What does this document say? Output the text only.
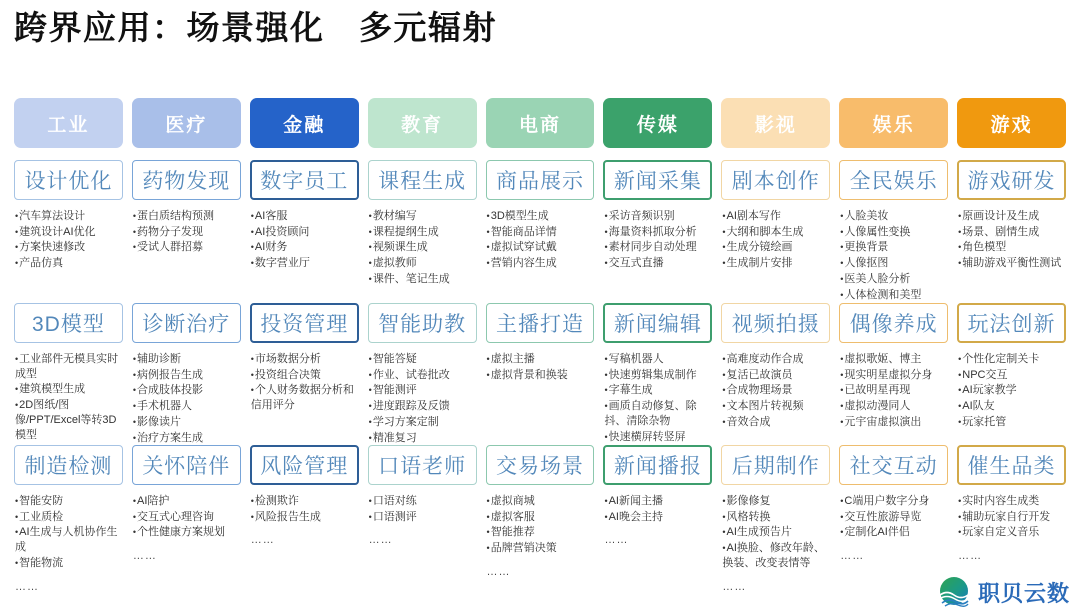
跨界应用：场景强化　多元辐射
工业	医疗	金融	教育	电商	传媒	影视	娱乐	游戏
设计优化
• 汽车算法设计
• 建筑设计AI优化
• 方案快速修改
• 产品仿真
药物发现
• 蛋白质结构预测
• 药物分子发现
• 受试人群招募
数字员工
• AI客服
• AI投资顾问
• AI财务
• 数字营业厅
课程生成
• 教材编写
• 课程提纲生成
• 视频课生成
• 虚拟教师
• 课件、笔记生成
商品展示
• 3D模型生成
• 智能商品详情
• 虚拟试穿试戴
• 营销内容生成
新闻采集
• 采访音频识别
• 海量资料抓取分析
• 素材同步自动处理
• 交互式直播
剧本创作
• AI剧本写作
• 大纲和脚本生成
• 生成分镜绘画
• 生成制片安排
全民娱乐
• 人脸美妆
• 人像属性变换
• 更换背景
• 人像抠图
• 医美人脸分析
• 人体检测和美型
游戏研发
• 原画设计及生成
• 场景、剧情生成
• 角色模型
• 辅助游戏平衡性测试
3D模型
• 工业部件无模具实时成型
• 建筑模型生成
• 2D图纸/图像/PPT/Excel等转3D模型
诊断治疗
• 辅助诊断
• 病例报告生成
• 合成肢体投影
• 手术机器人
• 影像读片
• 治疗方案生成
投资管理
• 市场数据分析
• 投资组合决策
• 个人财务数据分析和信用评分
智能助教
• 智能答疑
• 作业、试卷批改
• 智能测评
• 进度跟踪及反馈
• 学习方案定制
• 精准复习
主播打造
• 虚拟主播
• 虚拟背景和换装
新闻编辑
• 写稿机器人
• 快速剪辑集成制作
• 字幕生成
• 画质自动修复、除抖、清除杂物
• 快速横屏转竖屏
视频拍摄
• 高难度动作合成
• 复活已故演员
• 合成物理场景
• 文本图片转视频
• 音效合成
偶像养成
• 虚拟歌姬、博主
• 现实明星虚拟分身
• 已故明星再现
• 虚拟动漫同人
• 元宇宙虚拟演出
玩法创新
• 个性化定制关卡
• NPC交互
• AI玩家教学
• AI队友
• 玩家托管
制造检测
• 智能安防
• 工业质检
• AI生成与人机协作生成
• 智能物流
……
关怀陪伴
• AI陪护
• 交互式心理咨询
• 个性健康方案规划
……
风险管理
• 检测欺诈
• 风险报告生成
……
口语老师
• 口语对练
• 口语测评
……
交易场景
• 虚拟商城
• 虚拟客服
• 智能推荐
• 品牌营销决策
……
新闻播报
• AI新闻主播
• AI晚会主持
……
后期制作
• 影像修复
• 风格转换
• AI生成预告片
• AI换脸、修改年龄、换装、改变表情等
……
社交互动
• C端用户数字分身
• 交互性旅游导览
• 定制化AI伴侣
……
催生品类
• 实时内容生成类
• 辅助玩家自行开发
• 玩家自定义音乐
……
职贝云数
